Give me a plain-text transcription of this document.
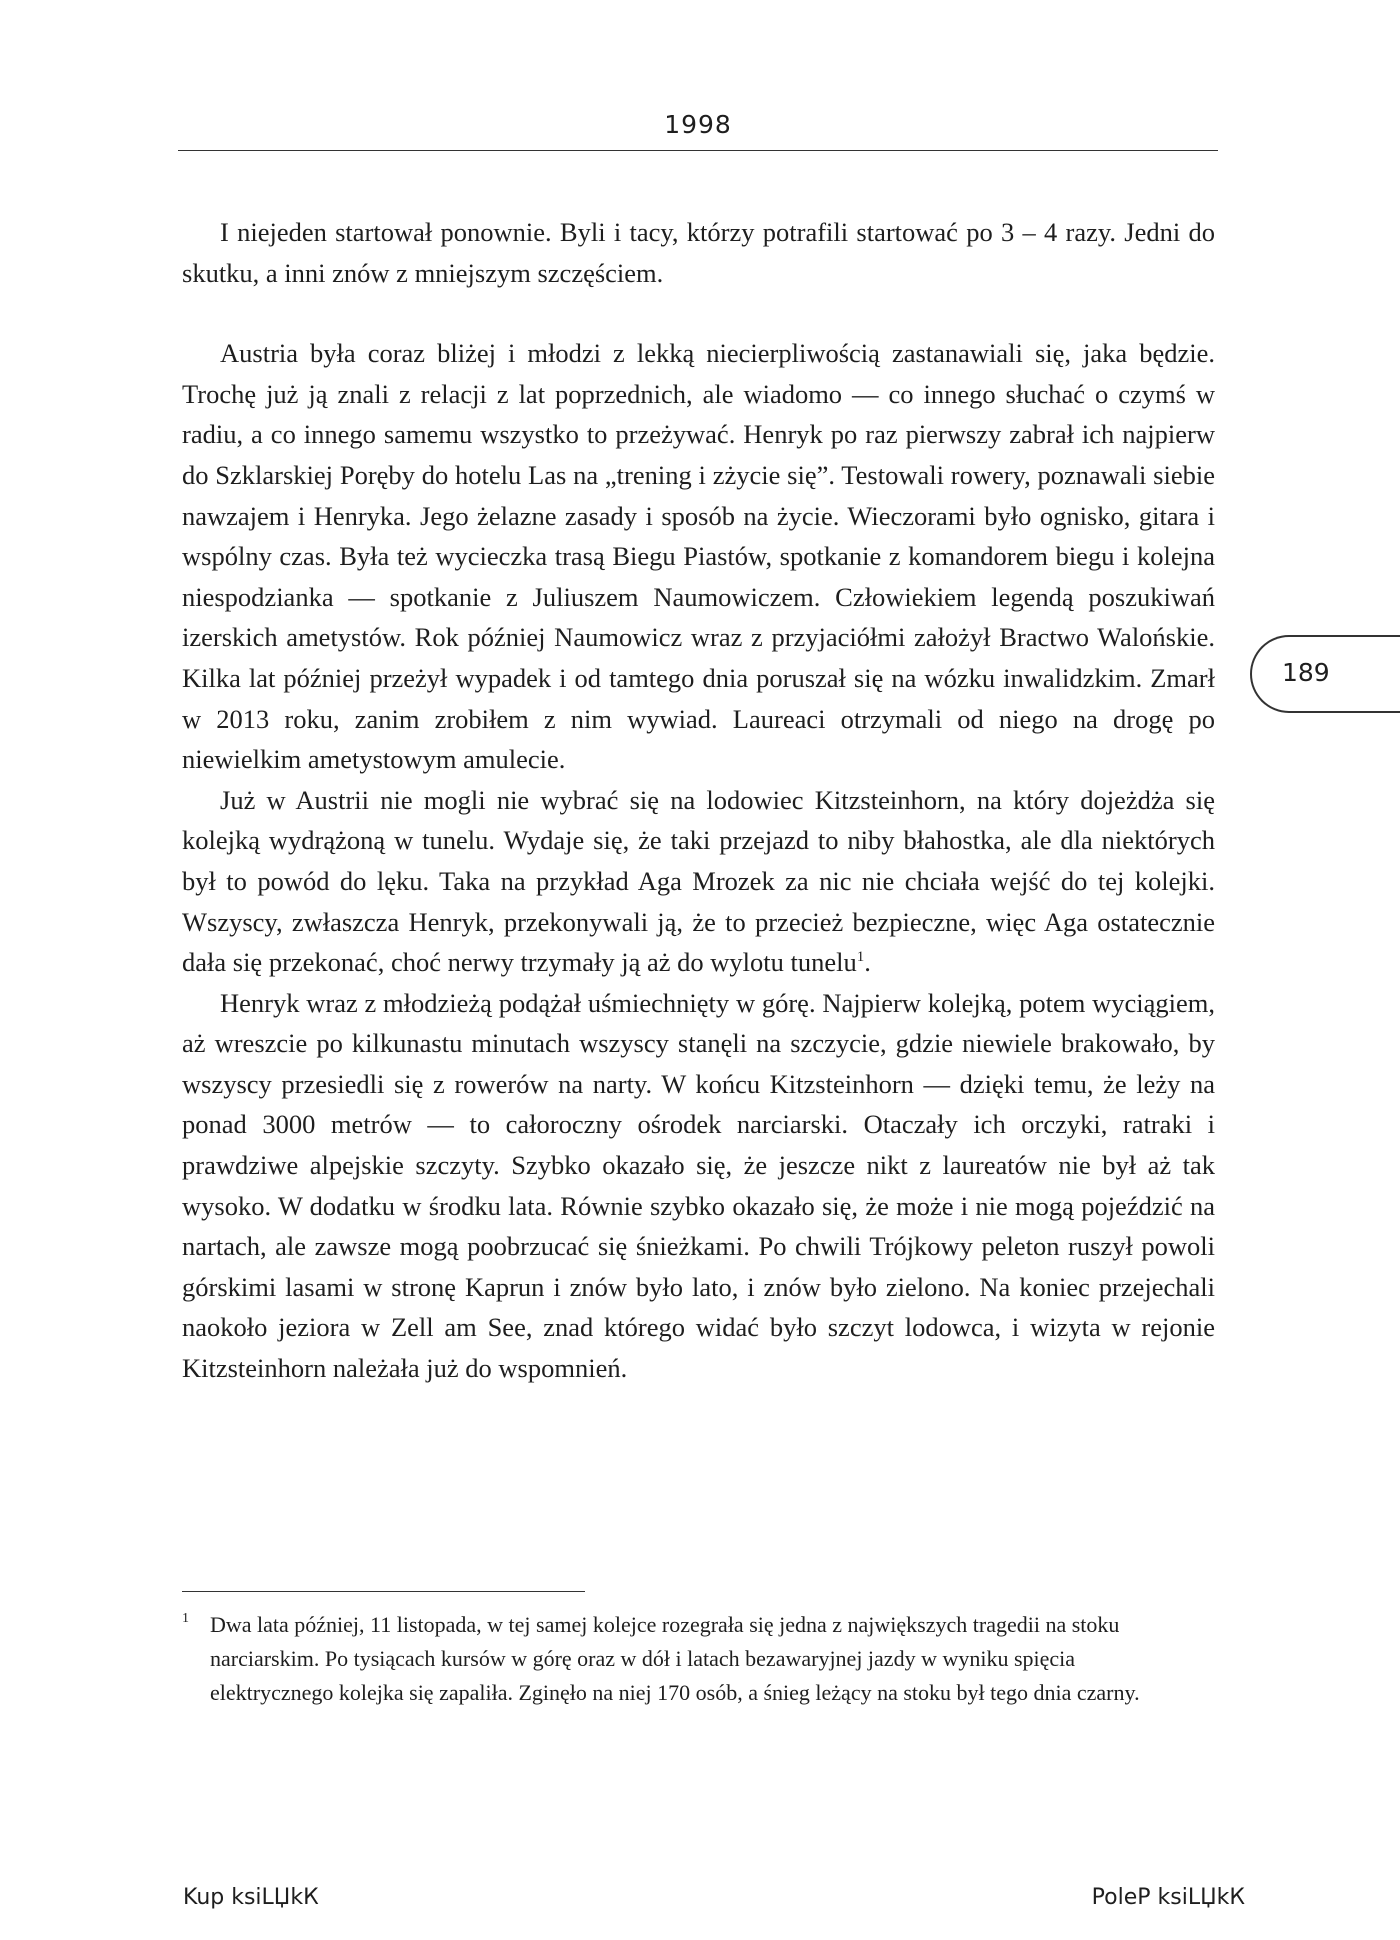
1998

I niejeden startował ponownie. Byli i tacy, którzy potrafili startować po 3 – 4 razy. Jedni do skutku, a inni znów z mniejszym szczęściem.

Austria była coraz bliżej i młodzi z lekką niecierpliwością zastanawiali się, jaka będzie. Trochę już ją znali z relacji z lat poprzednich, ale wiadomo — co innego słuchać o czymś w radiu, a co innego samemu wszystko to przeżywać. Henryk po raz pierwszy zabrał ich najpierw do Szklarskiej Poręby do hotelu Las na „trening i zżycie się”. Testowali rowery, poznawali siebie nawzajem i Henryka. Jego żelazne zasady i sposób na życie. Wieczorami było ognisko, gitara i wspólny czas. Była też wycieczka trasą Biegu Piastów, spotkanie z komandorem biegu i kolejna niespodzianka — spotkanie z Juliuszem Naumowiczem. Człowiekiem legendą poszukiwań izerskich ametystów. Rok później Naumowicz wraz z przyjaciółmi założył Bractwo Walońskie. Kilka lat później przeżył wypadek i od tamtego dnia poruszał się na wózku inwalidzkim. Zmarł w 2013 roku, zanim zrobiłem z nim wywiad. Laureaci otrzymali od niego na drogę po niewielkim ametystowym amulecie.

Już w Austrii nie mogli nie wybrać się na lodowiec Kitzsteinhorn, na który dojeżdża się kolejką wydrążoną w tunelu. Wydaje się, że taki przejazd to niby błahostka, ale dla niektórych był to powód do lęku. Taka na przykład Aga Mrozek za nic nie chciała wejść do tej kolejki. Wszyscy, zwłaszcza Henryk, przekonywali ją, że to przecież bezpieczne, więc Aga ostatecznie dała się przekonać, choć nerwy trzymały ją aż do wylotu tunelu$^1$.

Henryk wraz z młodzieżą podążał uśmiechnięty w górę. Najpierw kolejką, potem wyciągiem, aż wreszcie po kilkunastu minutach wszyscy stanęli na szczycie, gdzie niewiele brakowało, by wszyscy przesiedli się z rowerów na narty. W końcu Kitzsteinhorn — dzięki temu, że leży na ponad 3000 metrów — to całoroczny ośrodek narciarski. Otaczały ich orczyki, ratraki i prawdziwe alpejskie szczyty. Szybko okazało się, że jeszcze nikt z laureatów nie był aż tak wysoko. W dodatku w środku lata. Równie szybko okazało się, że może i nie mogą pojeździć na nartach, ale zawsze mogą poobrzucać się śnieżkami. Po chwili Trójkowy peleton ruszył powoli górskimi lasami w stronę Kaprun i znów było lato, i znów było zielono. Na koniec przejechali naokoło jeziora w Zell am See, znad którego widać było szczyt lodowca, i wizyta w rejonie Kitzsteinhorn należała już do wspomnień.

189
1 Dwa lata później, 11 listopada, w tej samej kolejce rozegrała się jedna z największych tragedii na stoku narciarskim. Po tysiącach kursów w górę oraz w dół i latach bezawaryjnej jazdy w wyniku spięcia elektrycznego kolejka się zapaliła. Zginęło na niej 170 osób, a śnieg leżący na stoku był tego dnia czarny.
Kup ksiLЏkК	PoleР ksiLЏkК
